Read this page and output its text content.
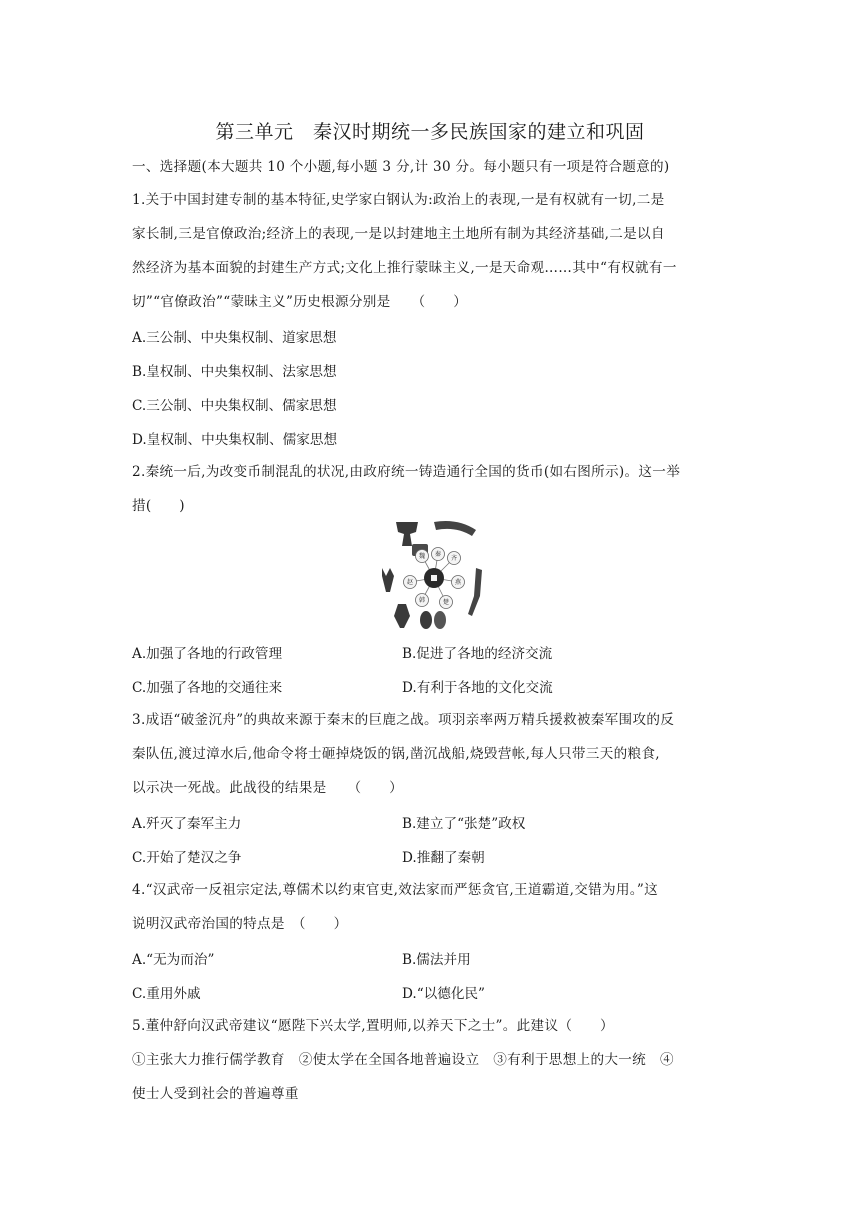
第三单元　秦汉时期统一多民族国家的建立和巩固
一、选择题(本大题共 10 个小题,每小题 3 分,计 30 分。每小题只有一项是符合题意的)
1.关于中国封建专制的基本特征,史学家白钢认为:政治上的表现,一是有权就有一切,二是
家长制,三是官僚政治;经济上的表现,一是以封建地主土地所有制为其经济基础,二是以自
然经济为基本面貌的封建生产方式;文化上推行蒙昧主义,一是天命观……其中“有权就有一
切”“官僚政治”“蒙昧主义”历史根源分别是　　（　　）
A.三公制、中央集权制、道家思想
B.皇权制、中央集权制、法家思想
C.三公制、中央集权制、儒家思想
D.皇权制、中央集权制、儒家思想
2.秦统一后,为改变币制混乱的状况,由政府统一铸造通行全国的货币(如右图所示)。这一举
措(　　)
魏 秦
齐
燕
楚
韩
赵
A.加强了各地的行政管理	B.促进了各地的经济交流
C.加强了各地的交通往来	D.有利于各地的文化交流
3.成语“破釜沉舟”的典故来源于秦末的巨鹿之战。项羽亲率两万精兵援救被秦军围攻的反
秦队伍,渡过漳水后,他命令将士砸掉烧饭的锅,凿沉战船,烧毁营帐,每人只带三天的粮食,
以示决一死战。此战役的结果是　　（　　）
A.歼灭了秦军主力	B.建立了“张楚”政权
C.开始了楚汉之争	D.推翻了秦朝
4.“汉武帝一反祖宗定法,尊儒术以约束官吏,效法家而严惩贪官,王道霸道,交错为用。”这
说明汉武帝治国的特点是　（　　）
A.“无为而治”	B.儒法并用
C.重用外戚	D.“以德化民”
5.董仲舒向汉武帝建议“愿陛下兴太学,置明师,以养天下之士”。此建议（　　）
①主张大力推行儒学教育　②使太学在全国各地普遍设立　③有利于思想上的大一统　④
使士人受到社会的普遍尊重
